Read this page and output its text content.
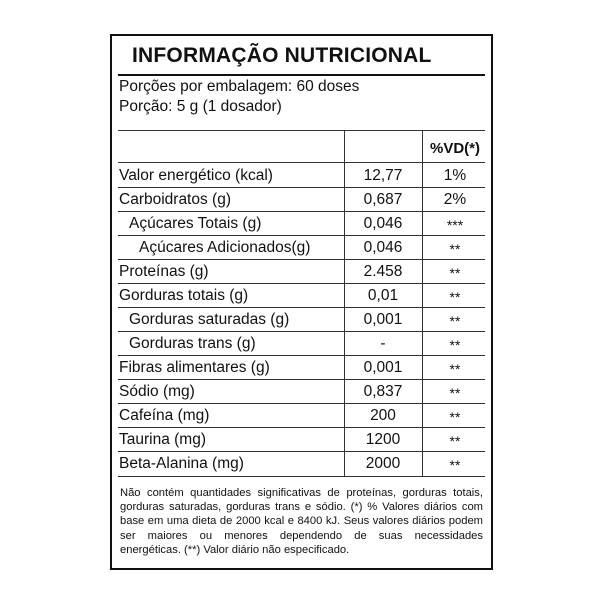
INFORMAÇÃO NUTRICIONAL
Porções por embalagem: 60 doses
Porção: 5 g (1 dosador)
%VD(*)
Valor energético (kcal)	12,77	1%
Carboidratos (g)	0,687	2%
Açúcares Totais (g)	0,046	***
Açúcares Adicionados(g)	0,046	**
Proteínas (g)	2.458	**
Gorduras totais (g)	0,01	**
Gorduras saturadas (g)	0,001	**
Gorduras trans (g)	-	**
Fibras alimentares (g)	0,001	**
Sódio (mg)	0,837	**
Cafeína (mg)	200	**
Taurina (mg)	1200	**
Beta-Alanina (mg)	2000	**
Não contém quantidades significativas de proteínas, gorduras totais, gorduras saturadas, gorduras trans e sódio. (*) % Valores diários com base em uma dieta de 2000 kcal e 8400 kJ. Seus valores diários podem ser maiores ou menores dependendo de suas necessidades energéticas. (**) Valor diário não especificado.
